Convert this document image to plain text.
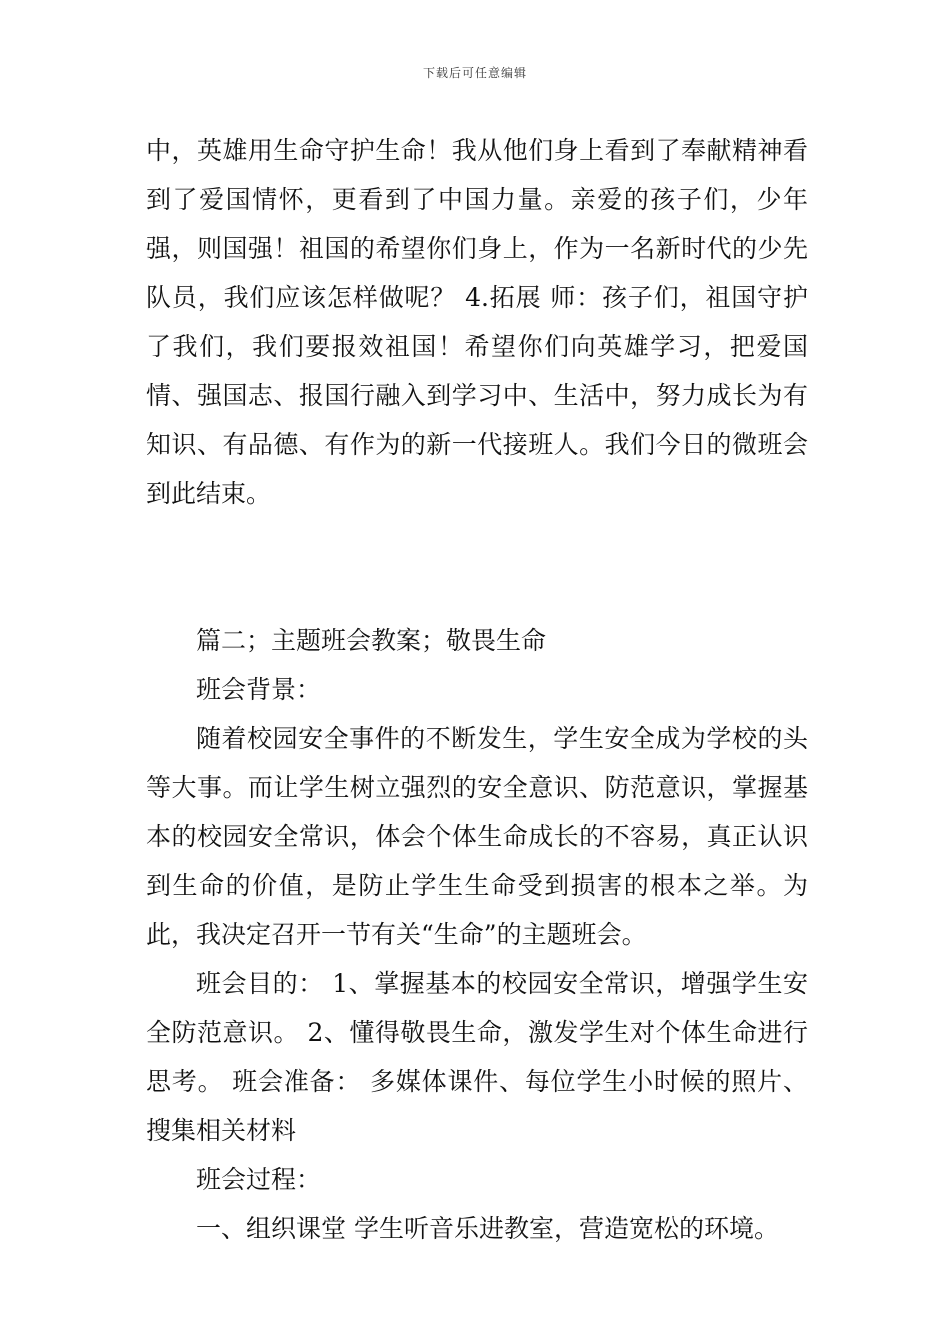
下载后可任意编辑

中，英雄用生命守护生命！我从他们身上看到了奉献精神看到了爱国情怀，更看到了中国力量。亲爱的孩子们，少年强，则国强！祖国的希望你们身上，作为一名新时代的少先队员，我们应该怎样做呢？ 4.拓展 师：孩子们，祖国守护了我们，我们要报效祖国！希望你们向英雄学习，把爱国情、强国志、报国行融入到学习中、生活中，努力成长为有知识、有品德、有作为的新一代接班人。我们今日的微班会到此结束。

篇二；主题班会教案；敬畏生命

班会背景：

随着校园安全事件的不断发生，学生安全成为学校的头等大事。而让学生树立强烈的安全意识、防范意识，掌握基本的校园安全常识，体会个体生命成长的不容易，真正认识到生命的价值，是防止学生生命受到损害的根本之举。为此，我决定召开一节有关“生命”的主题班会。

班会目的： 1、掌握基本的校园安全常识，增强学生安全防范意识。 2、懂得敬畏生命，激发学生对个体生命进行思考。 班会准备： 多媒体课件、每位学生小时候的照片、搜集相关材料

班会过程：

一、组织课堂 学生听音乐进教室，营造宽松的环境。
